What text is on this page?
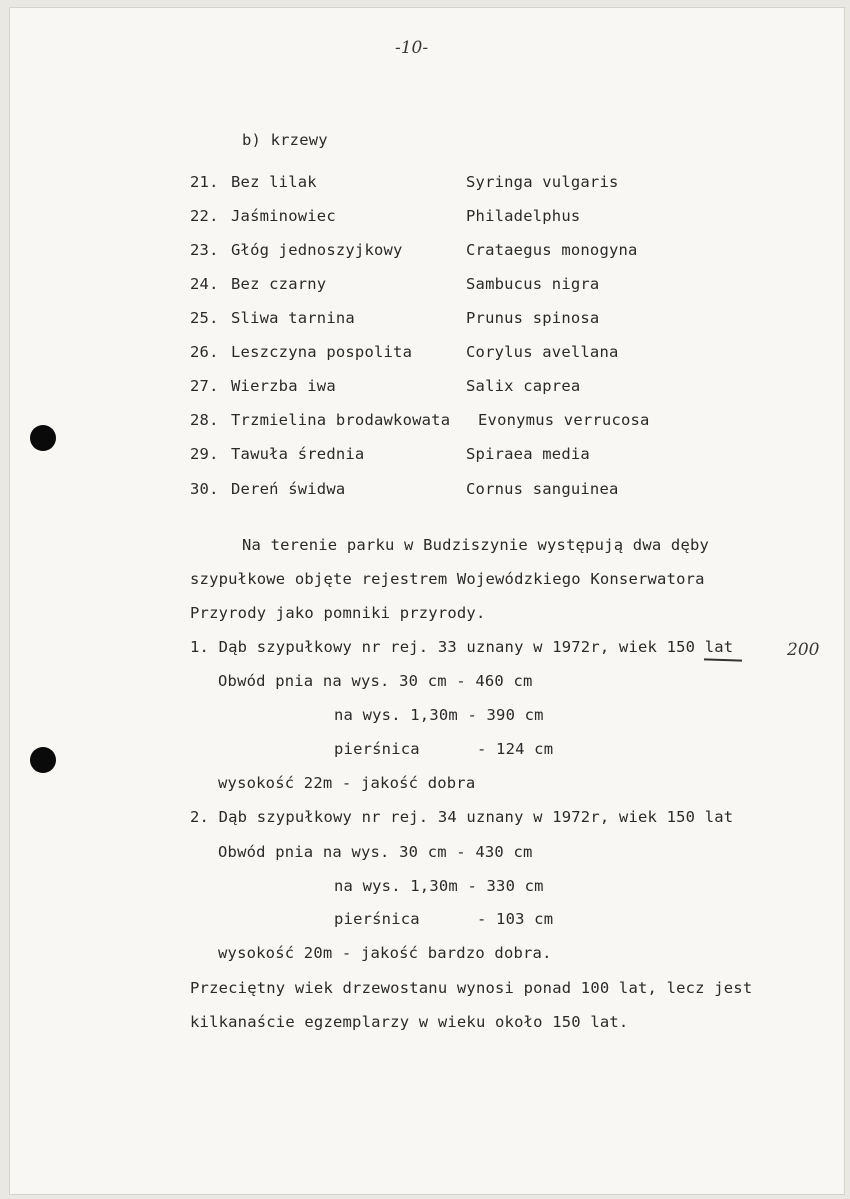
-10-
b) krzewy
21. Bez lilak	Syringa vulgaris
22. Jaśminowiec	Philadelphus
23. Głóg jednoszyjkowy	Crataegus monogyna
24. Bez czarny	Sambucus nigra
25. Sliwa tarnina	Prunus spinosa
26. Leszczyna pospolita	Corylus avellana
27. Wierzba iwa	Salix caprea
28. Trzmielina brodawkowata Evonymus verrucosa
29. Tawuła średnia	Spiraea media
30. Dereń świdwa	Cornus sanguinea
Na terenie parku w Budziszynie występują dwa dęby
szypułkowe objęte rejestrem Wojewódzkiego Konserwatora
Przyrody jako pomniki przyrody.
1. Dąb szypułkowy nr rej. 33 uznany w 1972r, wiek 150 lat	200
Obwód pnia na wys. 30 cm - 460 cm
na wys. 1,30m - 390 cm
pierśnica      - 124 cm
wysokość 22m - jakość dobra
2. Dąb szypułkowy nr rej. 34 uznany w 1972r, wiek 150 lat
Obwód pnia na wys. 30 cm - 430 cm
na wys. 1,30m - 330 cm
pierśnica      - 103 cm
wysokość 20m - jakość bardzo dobra.
Przeciętny wiek drzewostanu wynosi ponad 100 lat, lecz jest
kilkanaście egzemplarzy w wieku około 150 lat.
